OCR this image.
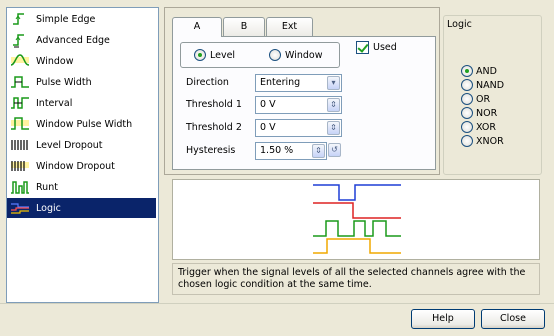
Simple Edge
Advanced Edge
Window
Pulse Width
Interval
Window Pulse Width
Level Dropout
Window Dropout
Runt
Logic
A	B	Ext
Level	Window
Used
Direction	Entering	▾
Threshold 1	0 V	⇕
Threshold 2	0 V	⇕
Hysteresis	1.50 %	⇕	↺
Logic
AND
NAND
OR
NOR
XOR
XNOR
Trigger when the signal levels of all the selected channels agree with the chosen logic condition at the same time.
Help	Close
